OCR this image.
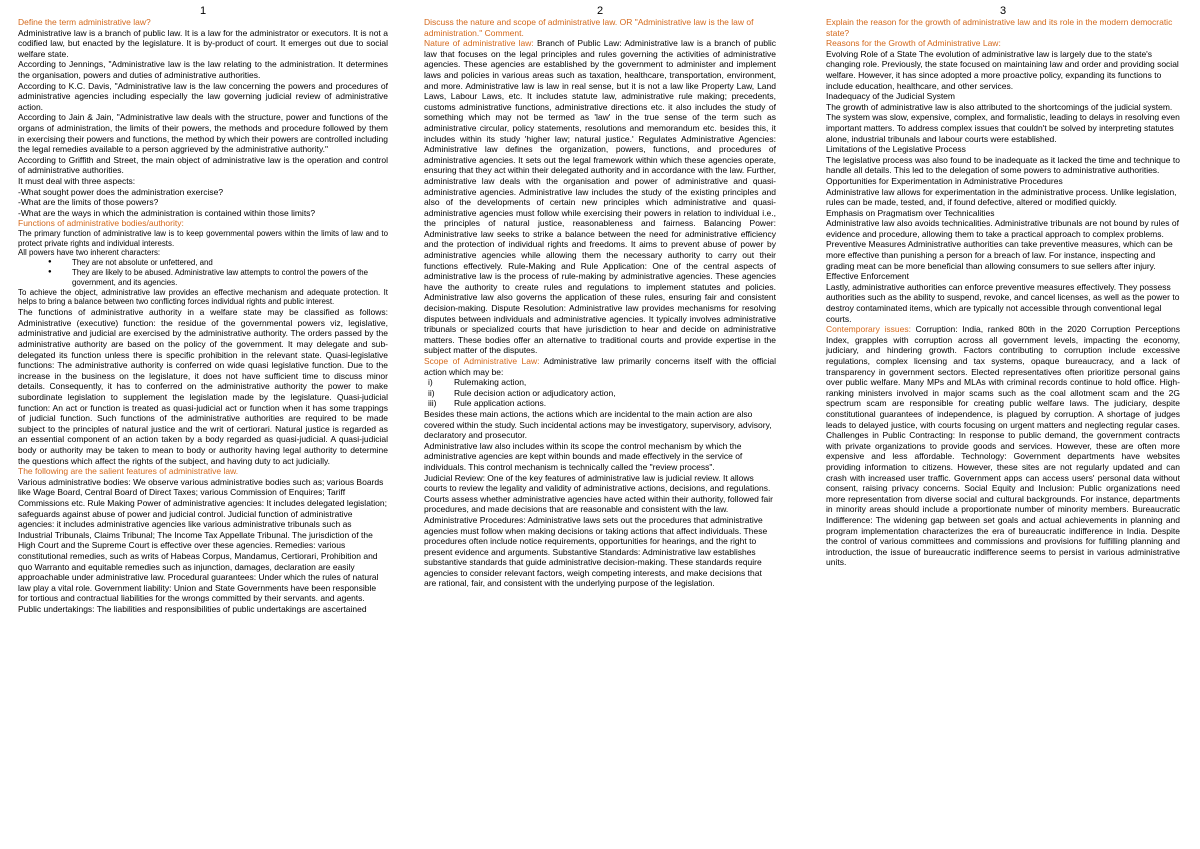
1

Define the term administrative law?

Administrative law is a branch of public law. It is a law for the administrator or executors. It is not a codified law, but enacted by the legislature. It is by-product of court. It emerges out due to social welfare state.

According to Jennings, "Administrative law is the law relating to the administration. It determines the organisation, powers and duties of administrative authorities.

According to K.C. Davis, "Administrative law is the law concerning the powers and procedures of administrative agencies including especially the law governing judicial review of administrative action.

According to Jain & Jain, "Administrative law deals with the structure, power and functions of the organs of administration, the limits of their powers, the methods and procedure followed by them in exercising their powers and functions, the method by which their powers are controlled including the legal remedies available to a person aggrieved by the administrative authority."

According to Griffith and Street, the main object of administrative law is the operation and control of administrative authorities.

It must deal with three aspects:

-What sought power does the administration exercise?

-What are the limits of those powers?

-What are the ways in which the administration is contained within those limits?

Functions of administrative bodies/authority:

The primary function of administrative law is to keep governmental powers within the limits of law and to protect private rights and individual interests.

All powers have two inherent characters:

● They are not absolute or unfettered, and

● They are likely to be abused. Administrative law attempts to control the powers of the government, and its agencies.

To achieve the object, administrative law provides an effective mechanism and adequate protection. It helps to bring a balance between two conflicting forces individual rights and public interest.

The functions of administrative authority in a welfare state may be classified as follows: Administrative (executive) function: the residue of the governmental powers viz, legislative, administrative and judicial are exercised by the administrative authority. The orders passed by the administrative authority are based on the policy of the government. It may delegate and sub-delegated its function unless there is specific prohibition in the relevant state. Quasi-legislative functions: The administrative authority is conferred on wide quasi legislative function. Due to the increase in the business on the legislature, it does not have sufficient time to discuss minor details. Consequently, it has to conferred on the administrative authority the power to make subordinate legislation to supplement the legislation made by the legislature. Quasi-judicial function: An act or function is treated as quasi-judicial act or function when it has some trappings of judicial function. Such functions of the administrative authorities are required to be made subject to the principles of natural justice and the writ of certiorari. Natural justice is regarded as an essential component of an action taken by a body regarded as quasi-judicial. A quasi-judicial body or authority may be taken to mean to body or authority having legal authority to determine the questions which affect the rights of the subject, and having duty to act judicially.

The following are the salient features of administrative law.

Various administrative bodies: We observe various administrative bodies such as; various Boards like Wage Board, Central Board of Direct Taxes; various Commission of Enquires; Tariff Commissions etc. Rule Making Power of administrative agencies: It includes delegated legislation; safeguards against abuse of power and judicial control. Judicial function of administrative agencies: it includes administrative agencies like various administrative tribunals such as Industrial Tribunals, Claims Tribunal; The Income Tax Appellate Tribunal. The jurisdiction of the High Court and the Supreme Court is effective over these agencies. Remedies: various constitutional remedies, such as writs of Habeas Corpus, Mandamus, Certiorari, Prohibition and quo Warranto and equitable remedies such as injunction, damages, declaration are easily approachable under administrative law. Procedural guarantees: Under which the rules of natural law play a vital role. Government liability: Union and State Governments have been responsible for tortious and contractual liabilities for the wrongs committed by their servants. and agents. Public undertakings: The liabilities and responsibilities of public undertakings are ascertained

2

Discuss the nature and scope of administrative law. OR "Administrative law is the law of administration." Comment.

Nature of administrative law: Branch of Public Law: Administrative law is a branch of public law that focuses on the legal principles and rules governing the activities of administrative agencies. These agencies are established by the government to administer and implement laws and policies in various areas such as taxation, healthcare, transportation, environment, and more. Administrative law is law in real sense, but it is not a law like Property Law, Land Laws, Labour Laws, etc. It includes statute law, administrative rule making; precedents, customs administrative functions, administrative directions etc. it also includes the study of something which may not be termed as 'law' in the true sense of the term such as administrative circular, policy statements, resolutions and memorandum etc. besides this, it includes within its study 'higher law; natural justice.' Regulates Administrative Agencies: Administrative law defines the organization, powers, functions, and procedures of administrative agencies. It sets out the legal framework within which these agencies operate, ensuring that they act within their delegated authority and in accordance with the law. Further, administrative law deals with the organisation and power of administrative and quasi-administrative agencies. Administrative law includes the study of the existing principles and also of the developments of certain new principles which administrative and quasi-administrative agencies must follow while exercising their powers in relation to individual i.e., the principles of natural justice, reasonableness and fairness. Balancing Power: Administrative law seeks to strike a balance between the need for administrative efficiency and the protection of individual rights and freedoms. It aims to prevent abuse of power by administrative agencies while allowing them the necessary authority to carry out their functions effectively. Rule-Making and Rule Application: One of the central aspects of administrative law is the process of rule-making by administrative agencies. These agencies have the authority to create rules and regulations to implement statutes and policies. Administrative law also governs the application of these rules, ensuring fair and consistent decision-making. Dispute Resolution: Administrative law provides mechanisms for resolving disputes between individuals and administrative agencies. It typically involves administrative tribunals or specialized courts that have jurisdiction to hear and decide on administrative matters. These bodies offer an alternative to traditional courts and provide expertise in the subject matter of the disputes.

Scope of Administrative Law: Administrative law primarily concerns itself with the official action which may be:

i)	Rulemaking action,

ii) Rule decision action or adjudicatory action,

iii) Rule application actions.

Besides these main actions, the actions which are incidental to the main action are also covered within the study. Such incidental actions may be investigatory, supervisory, advisory, declaratory and prosecutor.

Administrative law also includes within its scope the control mechanism by which the administrative agencies are kept within bounds and made effectively in the service of individuals. This control mechanism is technically called the "review process".

Judicial Review: One of the key features of administrative law is judicial review. It allows courts to review the legality and validity of administrative actions, decisions, and regulations. Courts assess whether administrative agencies have acted within their authority, followed fair procedures, and made decisions that are reasonable and consistent with the law. Administrative Procedures: Administrative laws sets out the procedures that administrative agencies must follow when making decisions or taking actions that affect individuals. These procedures often include notice requirements, opportunities for hearings, and the right to present evidence and arguments. Substantive Standards: Administrative law establishes substantive standards that guide administrative decision-making. These standards require agencies to consider relevant factors, weigh competing interests, and make decisions that are rational, fair, and consistent with the underlying purpose of the legislation.

3

Explain the reason for the growth of administrative law and its role in the modern democratic state?

Reasons for the Growth of Administrative Law:

Evolving Role of a State The evolution of administrative law is largely due to the state's changing role. Previously, the state focused on maintaining law and order and providing social welfare. However, it has since adopted a more proactive policy, expanding its functions to include education, healthcare, and other services.

Inadequacy of the Judicial System

The growth of administrative law is also attributed to the shortcomings of the judicial system. The system was slow, expensive, complex, and formalistic, leading to delays in resolving even important matters. To address complex issues that couldn't be solved by interpreting statutes alone, industrial tribunals and labour courts were established.

Limitations of the Legislative Process

The legislative process was also found to be inadequate as it lacked the time and technique to handle all details. This led to the delegation of some powers to administrative authorities.

Opportunities for Experimentation in Administrative Procedures

Administrative law allows for experimentation in the administrative process. Unlike legislation, rules can be made, tested, and, if found defective, altered or modified quickly.

Emphasis on Pragmatism over Technicalities

Administrative law also avoids technicalities. Administrative tribunals are not bound by rules of evidence and procedure, allowing them to take a practical approach to complex problems.

Preventive Measures Administrative authorities can take preventive measures, which can be more effective than punishing a person for a breach of law. For instance, inspecting and grading meat can be more beneficial than allowing consumers to sue sellers after injury.

Effective Enforcement

Lastly, administrative authorities can enforce preventive measures effectively. They possess authorities such as the ability to suspend, revoke, and cancel licenses, as well as the power to destroy contaminated items, which are typically not accessible through conventional legal courts.

Contemporary issues: Corruption: India, ranked 80th in the 2020 Corruption Perceptions Index, grapples with corruption across all government levels, impacting the economy, judiciary, and hindering growth. Factors contributing to corruption include excessive regulations, complex licensing and tax systems, opaque bureaucracy, and a lack of transparency in government sectors. Elected representatives often prioritize personal gains over public welfare. Many MPs and MLAs with criminal records continue to hold office. High-ranking ministers involved in major scams such as the coal allotment scam and the 2G spectrum scam are responsible for creating public welfare laws. The judiciary, despite constitutional guarantees of independence, is plagued by corruption. A shortage of judges leads to delayed justice, with courts focusing on urgent matters and neglecting regular cases. Challenges in Public Contracting: In response to public demand, the government contracts with private organizations to provide goods and services. However, these are often more expensive and less affordable. Technology: Government departments have websites providing information to citizens. However, these sites are not regularly updated and can crash with increased user traffic. Government apps can access users' personal data without consent, raising privacy concerns. Social Equity and Inclusion: Public organizations need more representation from diverse social and cultural backgrounds. For instance, departments in minority areas should include a proportionate number of minority members. Bureaucratic Indifference: The widening gap between set goals and actual achievements in planning and program implementation characterizes the era of bureaucratic indifference in India. Despite the control of various committees and commissions and provisions for fulfilling planning and introduction, the issue of bureaucratic indifference seems to persist in various administrative units.
